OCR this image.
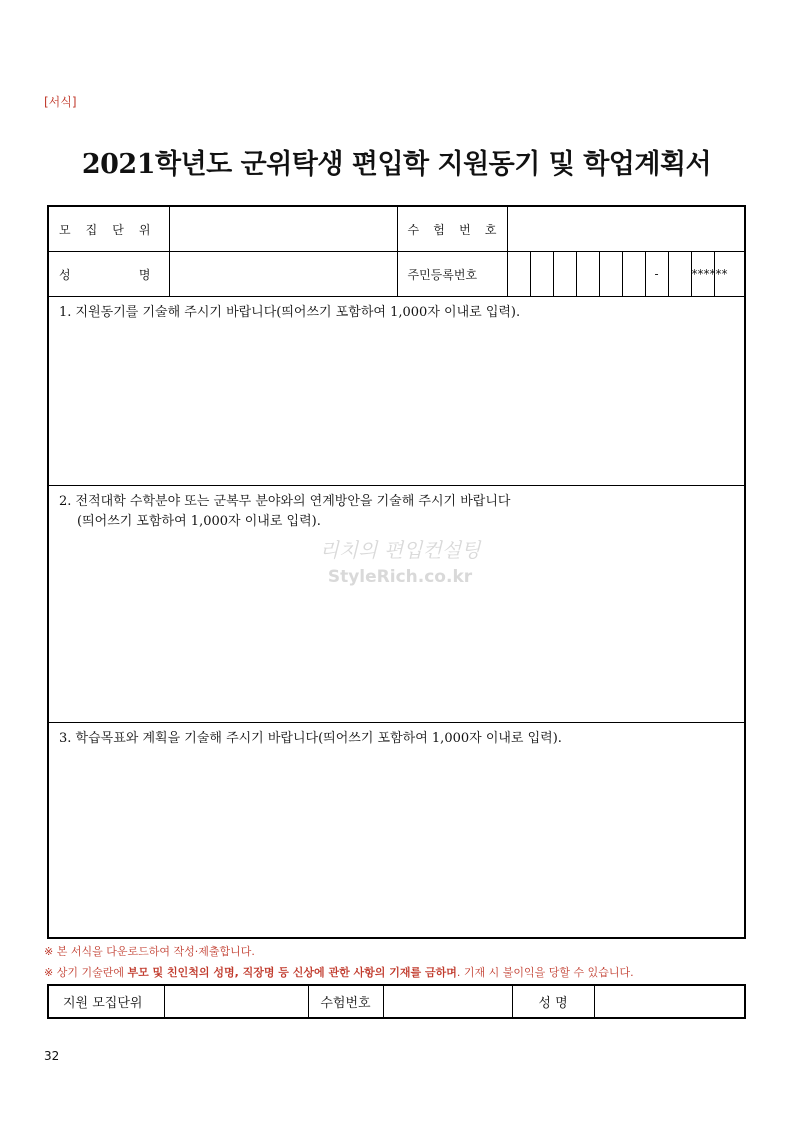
[서식]
2021학년도 군위탁생 편입학 지원동기 및 학업계획서
모 집 단 위		수 험 번 호									
성 명		주민등록번호							-		******
1. 지원동기를 기술해 주시기 바랍니다(띄어쓰기 포함하여 1,000자 이내로 입력).											
2. 전적대학 수학분야 또는 군복무 분야와의 연계방안을 기술해 주시기 바랍니다
(띄어쓰기 포함하여 1,000자 이내로 입력).											

3. 학습목표와 계획을 기술해 주시기 바랍니다(띄어쓰기 포함하여 1,000자 이내로 입력).											
리치의 편입컨설팅
StyleRich.co.kr
※ 본 서식을 다운로드하여 작성·제출합니다.
※ 상기 기술란에 부모 및 친인척의 성명, 직장명 등 신상에 관한 사항의 기재를 금하며. 기재 시 불이익을 당할 수 있습니다.
지원 모집단위		수험번호		성 명	
32
